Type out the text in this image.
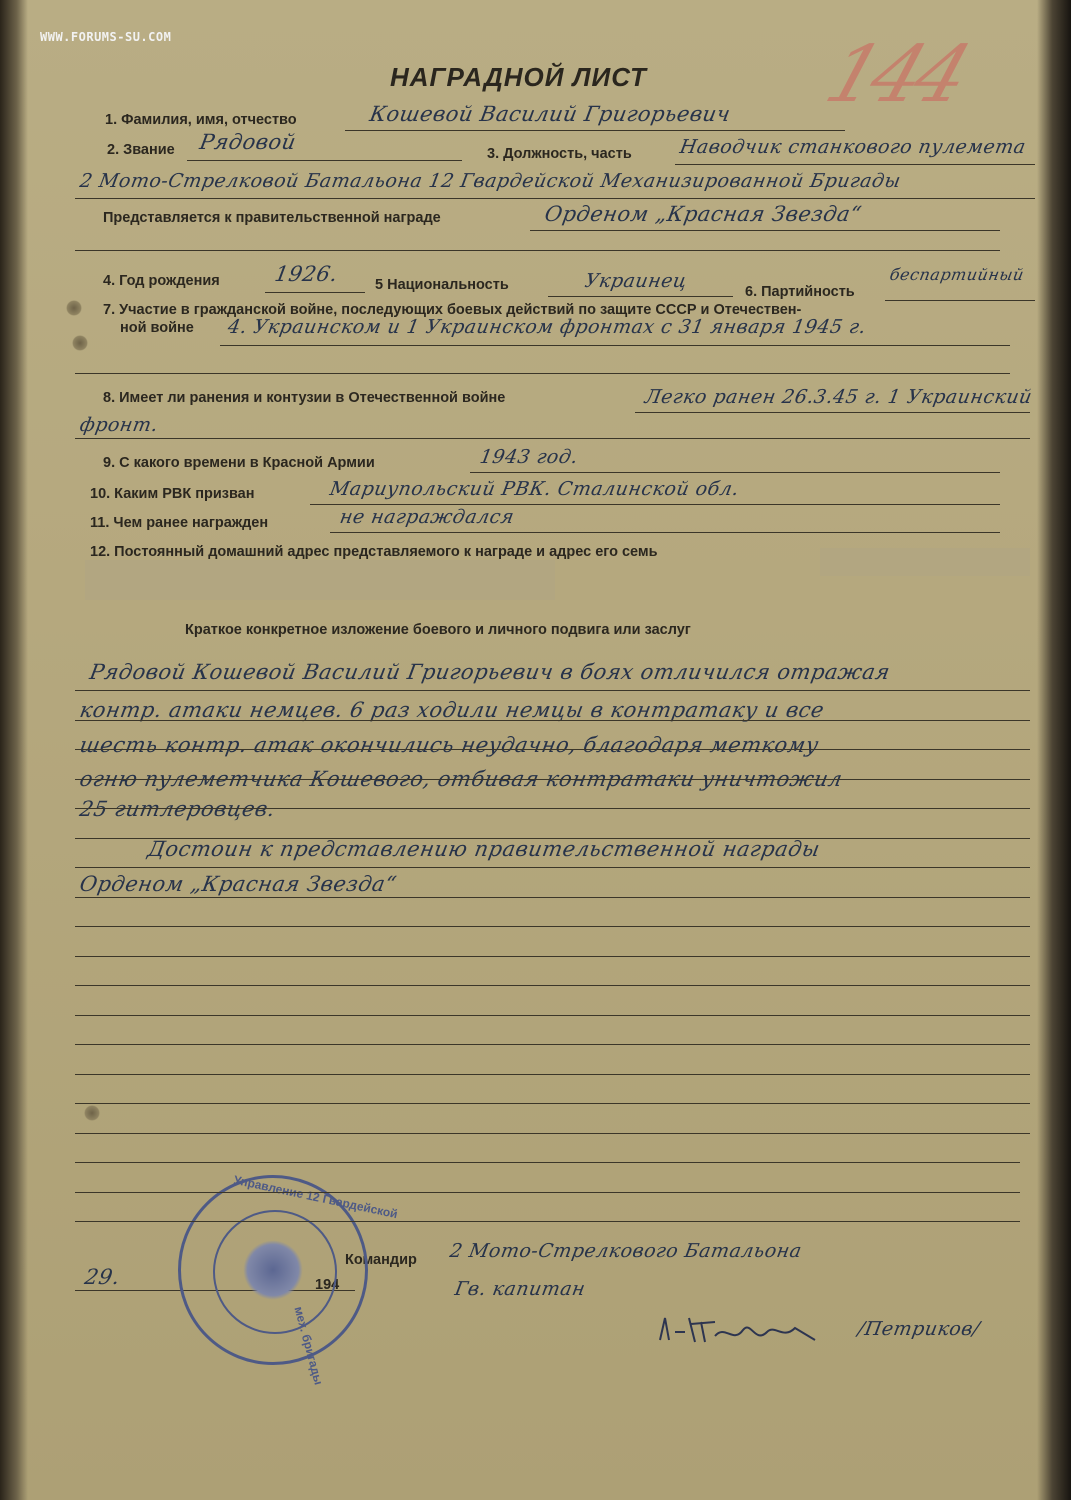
WWW.FORUMS-SU.COM	144
НАГРАДНОЙ ЛИСТ
1. Фамилия, имя, отчество	Кошевой Василий Григорьевич
2. Звание Рядовой	3. Должность, часть Наводчик станкового пулемета
2 Мото-Стрелковой Батальона 12 Гвардейской Механизированной Бригады
Представляется к правительственной награде	Орденом „Красная Звезда“
4. Год рождения	1926. 5 Национальность	Украинец	6. Партийность
беспартийный
7. Участие в гражданской войне, последующих боевых действий по защите СССР и Отечествен-
ной войне 4. Украинском и 1 Украинском фронтах с 31 января 1945 г.
8. Имеет ли ранения и контузии в Отечественной войне	Легко ранен 26.3.45 г. 1 Украинский
фронт.
9. С какого времени в Красной Армии	1943 год.
10. Каким РВК призван	Мариупольский РВК. Сталинской обл.
11. Чем ранее награжден	не награждался
12. Постоянный домашний адрес представляемого к награде и адрес его семь
Краткое конкретное изложение боевого и личного подвига или заслуг
29.	194
Командир 2 Мото-Стрелкового Батальона
Гв. капитан
/Петриков/
Управление 12 Гвардейской
мех. бригады
Рядовой Кошевой Василий Григорьевич в боях отличился отражая
контр. атаки немцев. 6 раз ходили немцы в контратаку и все
шесть контр. атак окончились неудачно, благодаря меткому
огню пулеметчика Кошевого, отбивая контратаки уничтожил
25 гитлеровцев.
Достоин к представлению правительственной награды
Орденом „Красная Звезда“
